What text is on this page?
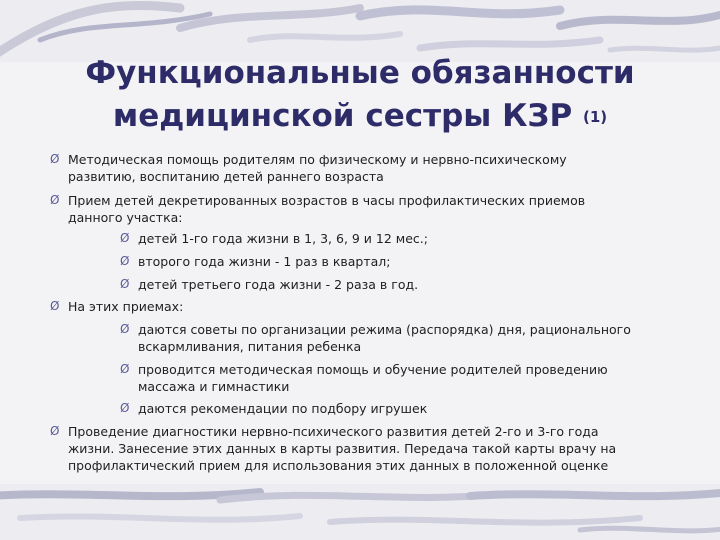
Функциональные обязанности
медицинской сестры КЗР (1)
Ø Методическая помощь родителям по физическому и нервно-психическому
развитию, воспитанию детей раннего возраста
Ø Прием детей декретированных возрастов в часы профилактических приемов
данного участка:
Ø детей 1-го года жизни в 1, 3, 6, 9 и 12 мес.;
Ø второго года жизни - 1 раз в квартал;
Ø детей третьего года жизни - 2 раза в год.
Ø На этих приемах:
Ø даются советы по организации режима (распорядка) дня, рационального
вскармливания, питания ребенка
Ø проводится методическая помощь и обучение родителей проведению
массажа и гимнастики
Ø даются рекомендации по подбору игрушек
Ø Проведение диагностики нервно-психического развития детей 2-го и 3-го года
жизни. Занесение этих данных в карты развития. Передача такой карты врачу на
профилактический прием для использования этих данных в положенной оценке
